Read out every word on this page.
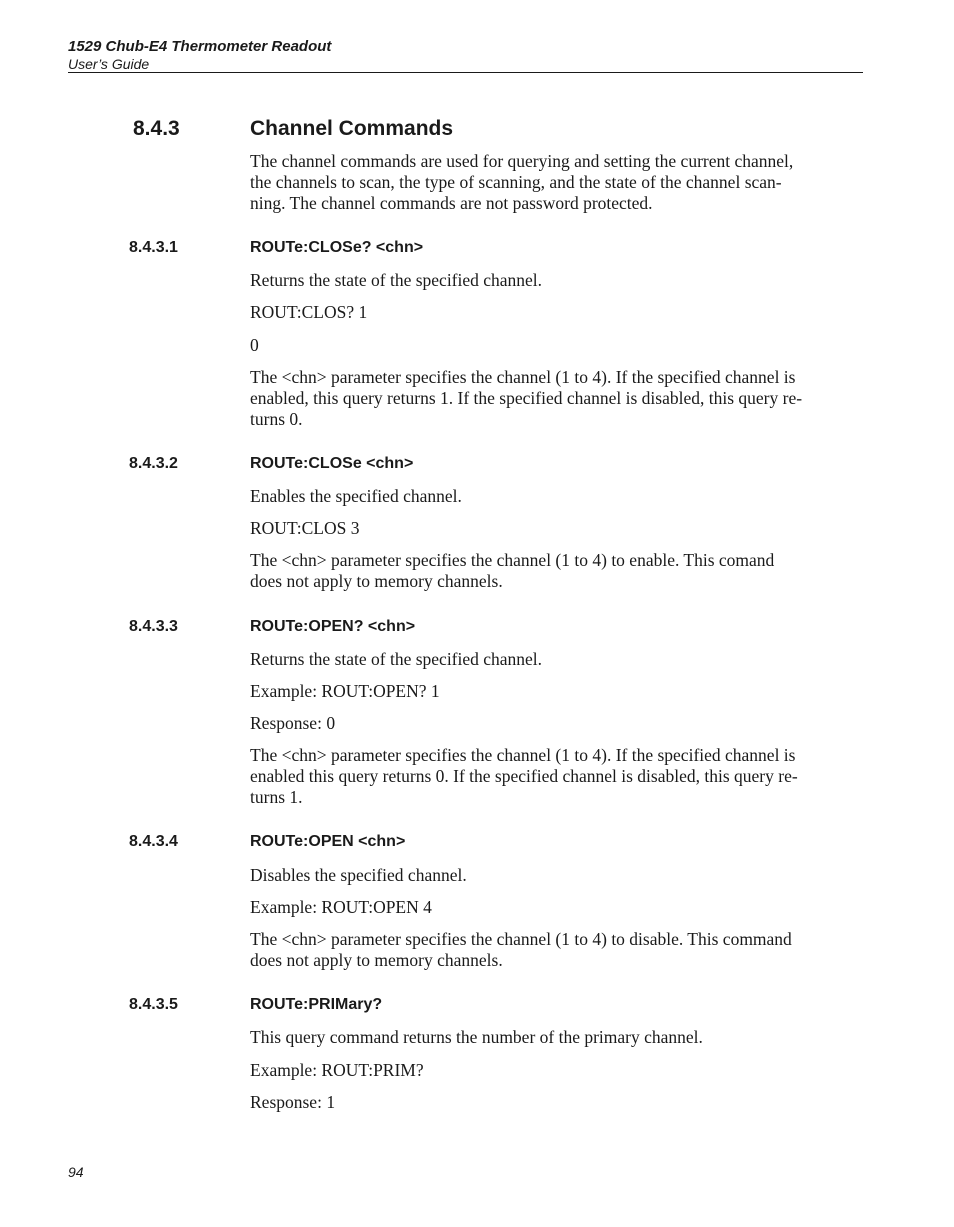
1529 Chub-E4 Thermometer Readout
User’s Guide
8.4.3	Channel Commands

The channel commands are used for querying and setting the current channel,
the channels to scan, the type of scanning, and the state of the channel scan-
ning. The channel commands are not password protected.

8.4.3.1	ROUTe:CLOSe? <chn>

Returns the state of the specified channel.

ROUT:CLOS? 1

0

The <chn> parameter specifies the channel (1 to 4). If the specified channel is
enabled, this query returns 1. If the specified channel is disabled, this query re-
turns 0.

8.4.3.2	ROUTe:CLOSe <chn>

Enables the specified channel.

ROUT:CLOS 3

The <chn> parameter specifies the channel (1 to 4) to enable. This comand
does not apply to memory channels.

8.4.3.3	ROUTe:OPEN? <chn>

Returns the state of the specified channel.

Example: ROUT:OPEN? 1

Response: 0

The <chn> parameter specifies the channel (1 to 4). If the specified channel is
enabled this query returns 0. If the specified channel is disabled, this query re-
turns 1.

8.4.3.4	ROUTe:OPEN <chn>

Disables the specified channel.

Example: ROUT:OPEN 4

The <chn> parameter specifies the channel (1 to 4) to disable. This command
does not apply to memory channels.

8.4.3.5	ROUTe:PRIMary?

This query command returns the number of the primary channel.

Example: ROUT:PRIM?

Response: 1

94
